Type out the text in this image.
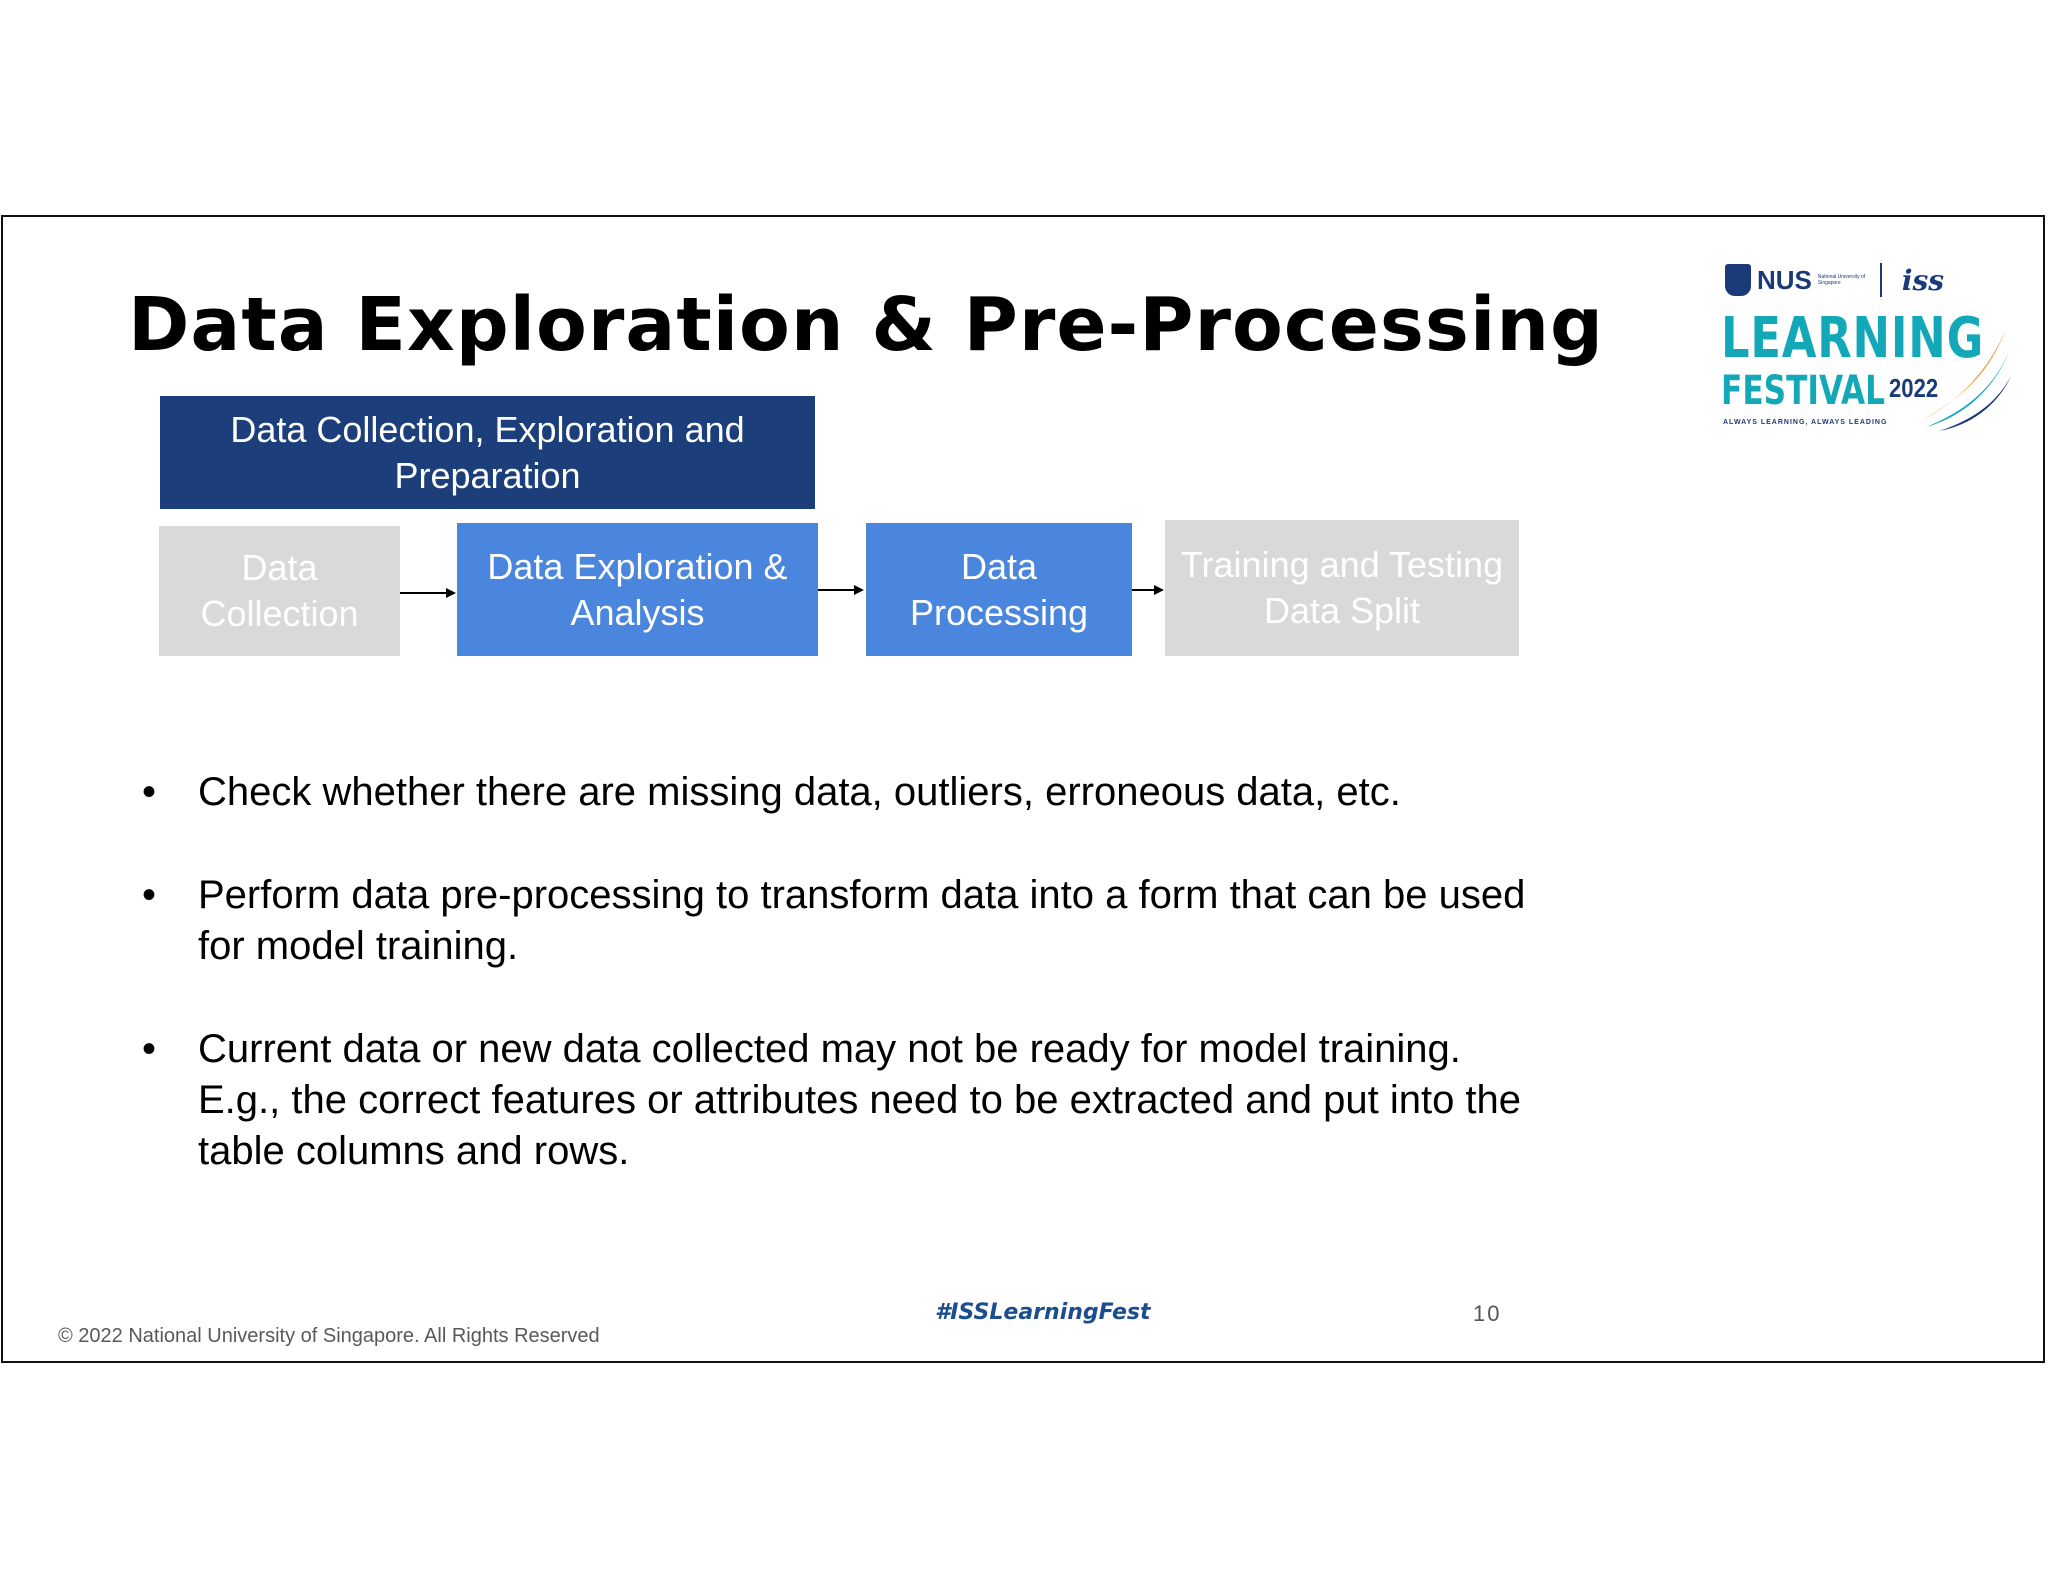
Data Exploration & Pre-Processing
NUS National University of Singapore	iss
LEARNING
FESTIVAL 2022
ALWAYS LEARNING, ALWAYS LEADING
Data Collection, Exploration and Preparation
Data Collection
Data Exploration & Analysis
Data Processing
Training and Testing Data Split
• Check whether there are missing data, outliers, erroneous data, etc.
• Perform data pre-processing to transform data into a form that can be used for model training.
• Current data or new data collected may not be ready for model training. E.g., the correct features or attributes need to be extracted and put into the table columns and rows.
#ISSLearningFest	10
© 2022 National University of Singapore. All Rights Reserved
